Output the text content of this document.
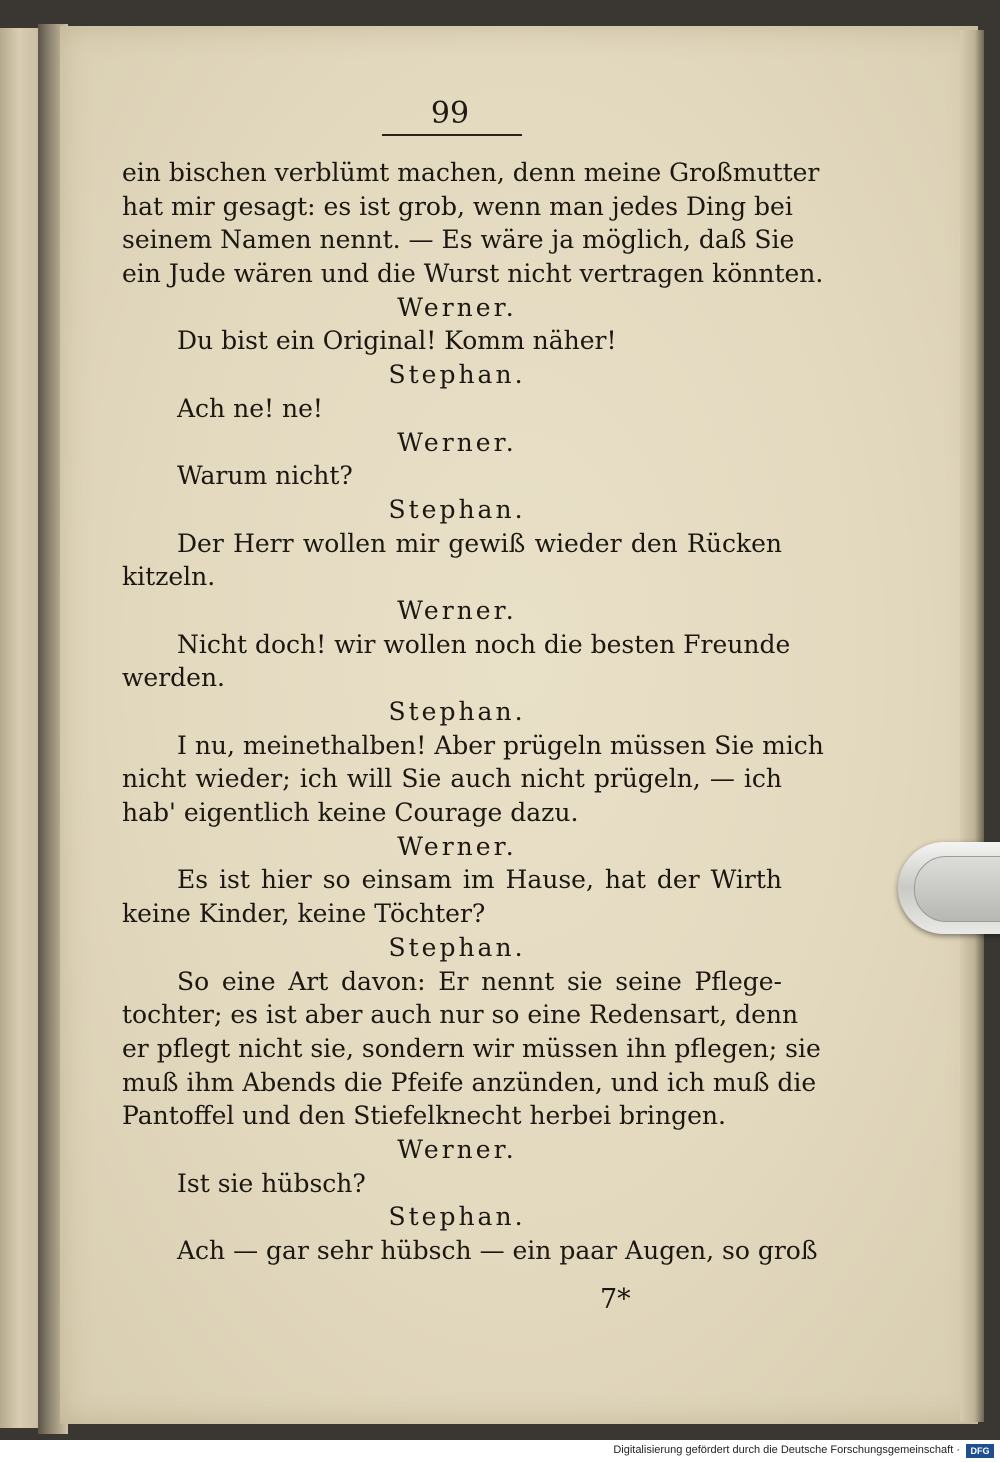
99
ein bischen verblümt machen, denn meine Großmutter
hat mir gesagt: es ist grob, wenn man jedes Ding bei
seinem Namen nennt. — Es wäre ja möglich, daß Sie
ein Jude wären und die Wurst nicht vertragen könnten.
Werner.
Du bist ein Original! Komm näher!
Stephan.
Ach ne! ne!
Werner.
Warum nicht?
Stephan.
Der Herr wollen mir gewiß wieder den Rücken
kitzeln.
Werner.
Nicht doch! wir wollen noch die besten Freunde
werden.
Stephan.
I nu, meinethalben! Aber prügeln müssen Sie mich
nicht wieder; ich will Sie auch nicht prügeln, — ich
hab' eigentlich keine Courage dazu.
Werner.
Es ist hier so einsam im Hause, hat der Wirth
keine Kinder, keine Töchter?
Stephan.
So eine Art davon: Er nennt sie seine Pflege-
tochter; es ist aber auch nur so eine Redensart, denn
er pflegt nicht sie, sondern wir müssen ihn pflegen; sie
muß ihm Abends die Pfeife anzünden, und ich muß die
Pantoffel und den Stiefelknecht herbei bringen.
Werner.
Ist sie hübsch?
Stephan.
Ach — gar sehr hübsch — ein paar Augen, so groß
7*
Digitalisierung gefördert durch die Deutsche Forschungsgemeinschaft ·	DFG
